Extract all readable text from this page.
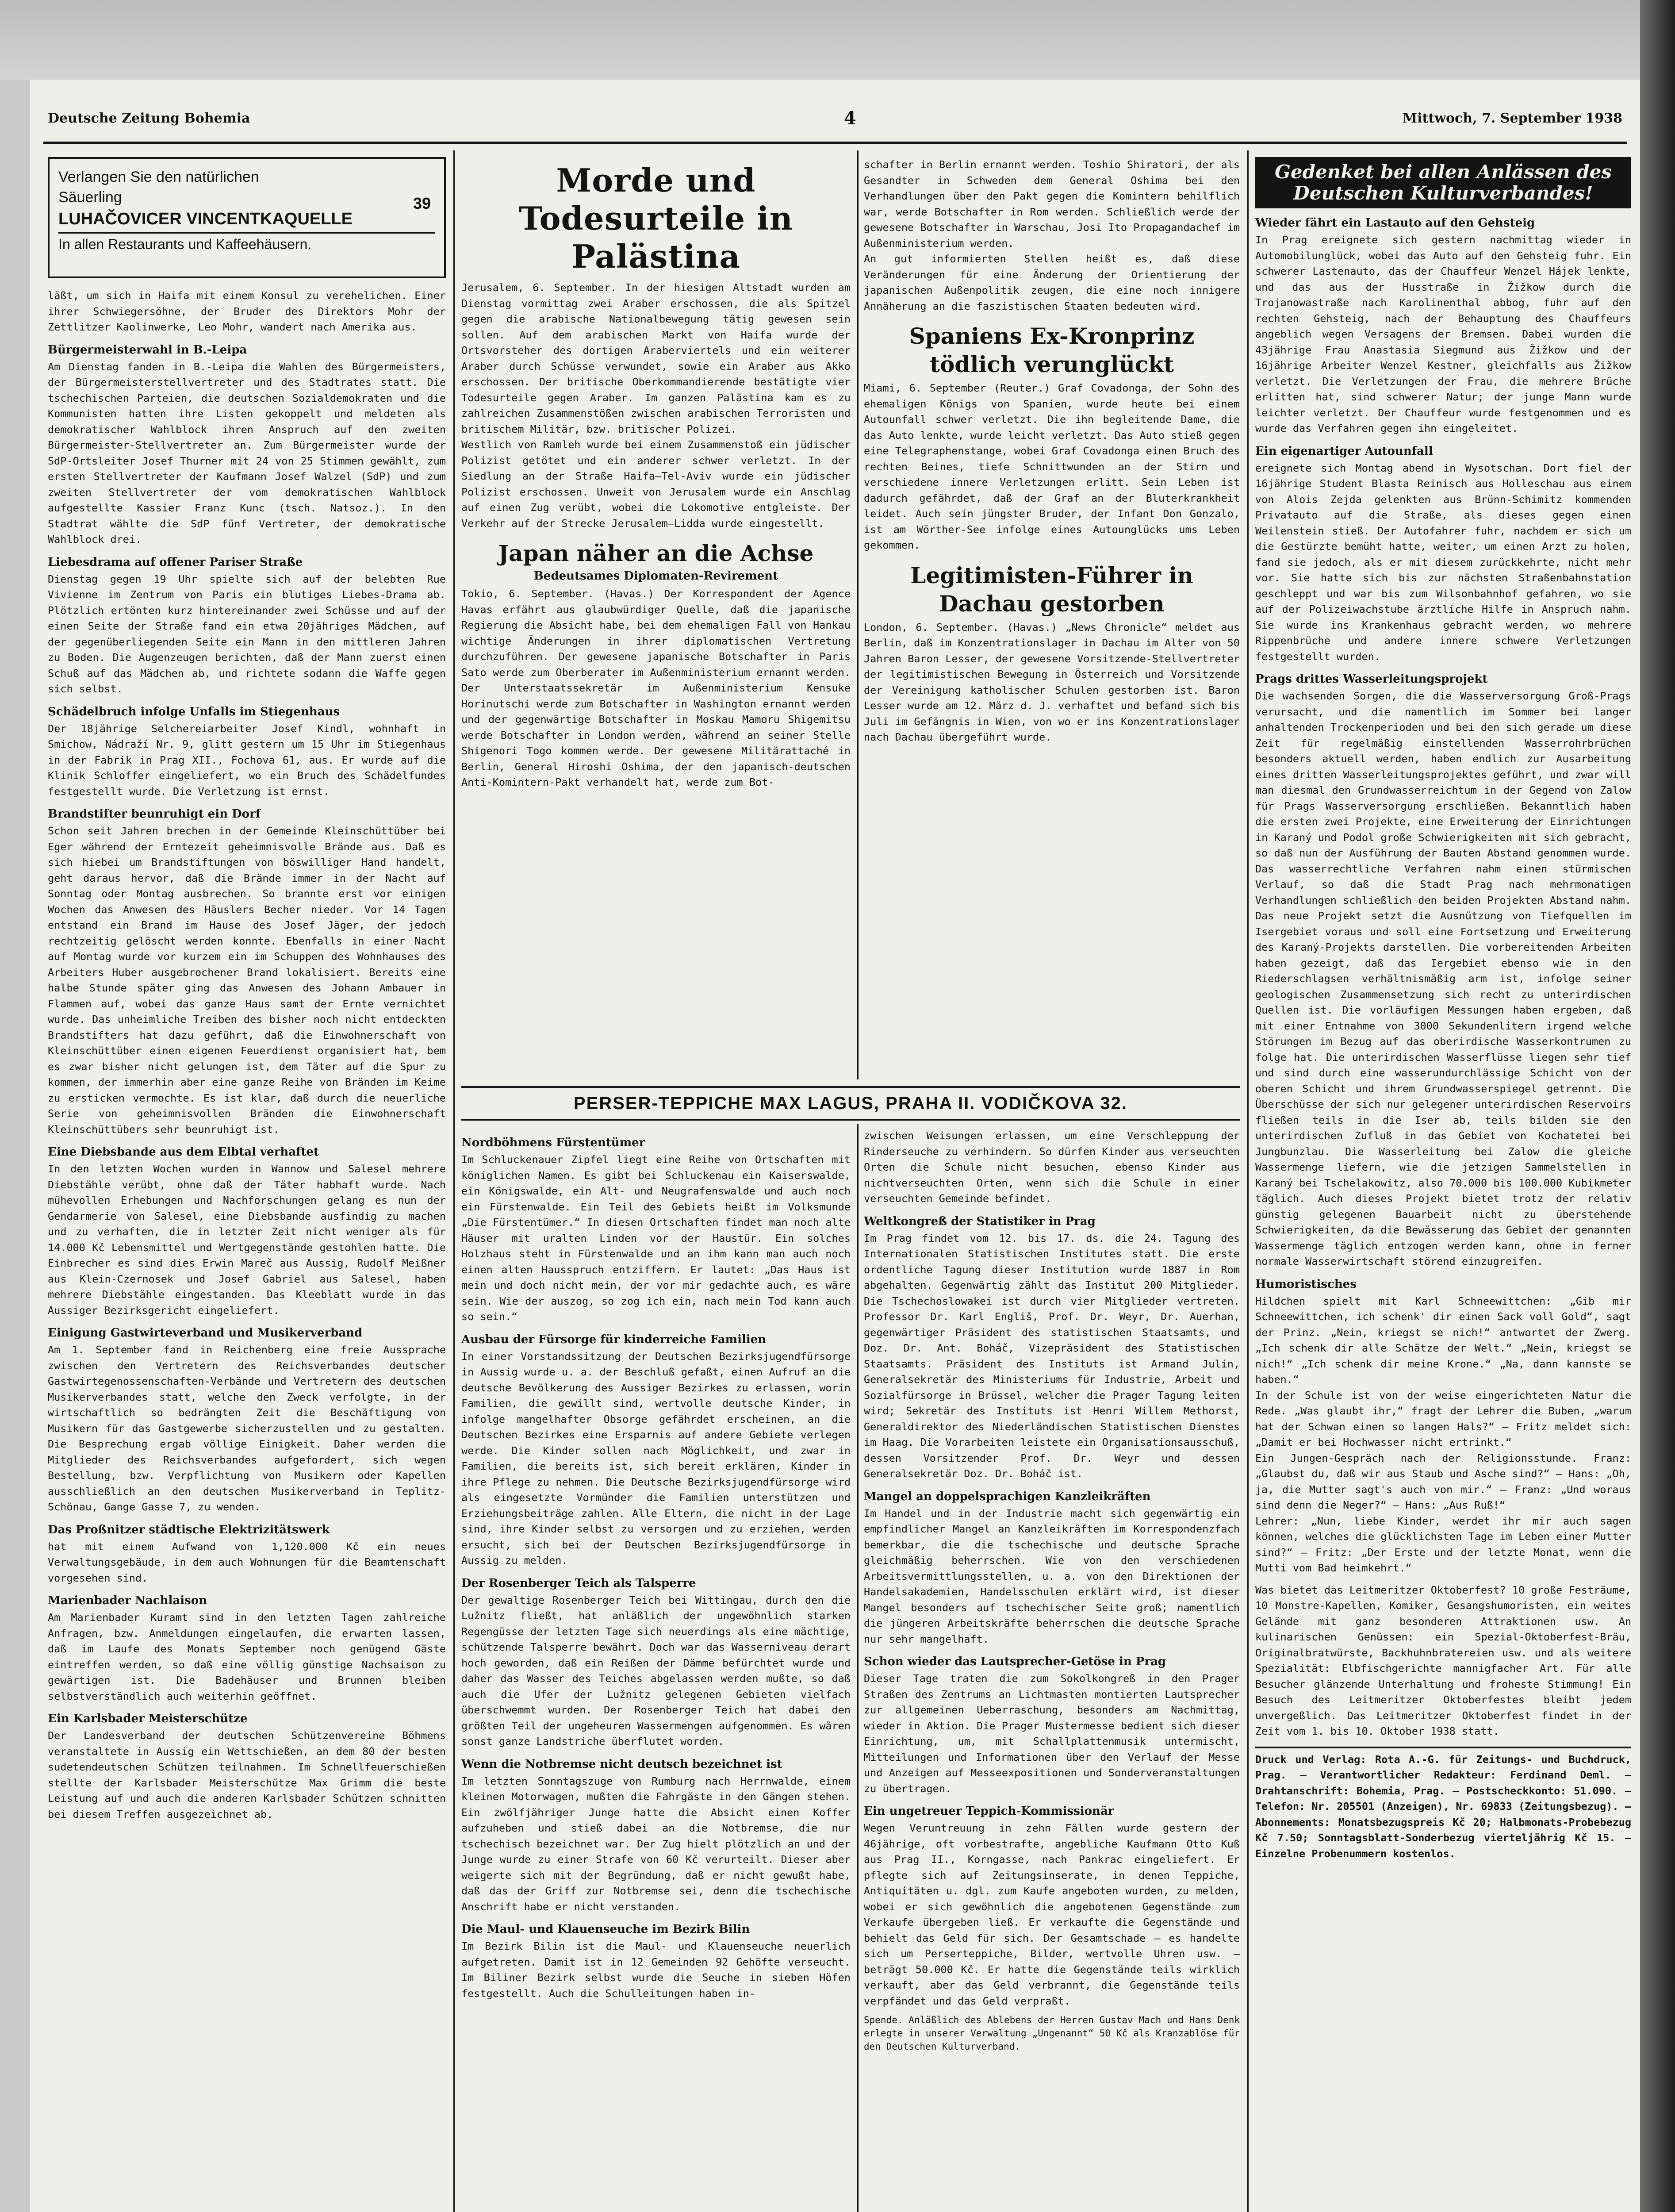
Deutsche Zeitung Bohemia	4	Mittwoch, 7. September 1938
Verlangen Sie den natürlichen
Säuerling
LUHAČOVICER VINCENTKAQUELLE
In allen Restaurants und Kaffeehäusern.
39

läßt, um sich in Haifa mit einem Konsul zu verehelichen. Einer ihrer Schwiegersöhne, der Bruder des Direktors Mohr der Zettlitzer Kaolinwerke, Leo Mohr, wandert nach Amerika aus.

Bürgermeisterwahl in B.-Leipa

Am Dienstag fanden in B.-Leipa die Wahlen des Bürgermeisters, der Bürgermeisterstellvertreter und des Stadtrates statt. Die tschechischen Parteien, die deutschen Sozialdemokraten und die Kommunisten hatten ihre Listen gekoppelt und meldeten als demokratischer Wahlblock ihren Anspruch auf den zweiten Bürgermeister-Stellvertreter an. Zum Bürgermeister wurde der SdP-Ortsleiter Josef Thurner mit 24 von 25 Stimmen gewählt, zum ersten Stellvertreter der Kaufmann Josef Walzel (SdP) und zum zweiten Stellvertreter der vom demokratischen Wahlblock aufgestellte Kassier Franz Kunc (tsch. Natsoz.). In den Stadtrat wählte die SdP fünf Vertreter, der demokratische Wahlblock drei.

Liebesdrama auf offener Pariser Straße

Dienstag gegen 19 Uhr spielte sich auf der belebten Rue Vivienne im Zentrum von Paris ein blutiges Liebes-Drama ab. Plötzlich ertönten kurz hintereinander zwei Schüsse und auf der einen Seite der Straße fand ein etwa 20jähriges Mädchen, auf der gegenüberliegenden Seite ein Mann in den mittleren Jahren zu Boden. Die Augenzeugen berichten, daß der Mann zuerst einen Schuß auf das Mädchen ab, und richtete sodann die Waffe gegen sich selbst.

Schädelbruch infolge Unfalls im Stiegenhaus

Der 18jährige Selchereiarbeiter Josef Kindl, wohnhaft in Smichow, Nádraží Nr. 9, glitt gestern um 15 Uhr im Stiegenhaus in der Fabrik in Prag XII., Fochova 61, aus. Er wurde auf die Klinik Schloffer eingeliefert, wo ein Bruch des Schädelfundes festgestellt wurde. Die Verletzung ist ernst.

Brandstifter beunruhigt ein Dorf

Schon seit Jahren brechen in der Gemeinde Kleinschüttüber bei Eger während der Erntezeit geheimnisvolle Brände aus. Daß es sich hiebei um Brandstiftungen von böswilliger Hand handelt, geht daraus hervor, daß die Brände immer in der Nacht auf Sonntag oder Montag ausbrechen. So brannte erst vor einigen Wochen das Anwesen des Häuslers Becher nieder. Vor 14 Tagen entstand ein Brand im Hause des Josef Jäger, der jedoch rechtzeitig gelöscht werden konnte. Ebenfalls in einer Nacht auf Montag wurde vor kurzem ein im Schuppen des Wohnhauses des Arbeiters Huber ausgebrochener Brand lokalisiert. Bereits eine halbe Stunde später ging das Anwesen des Johann Ambauer in Flammen auf, wobei das ganze Haus samt der Ernte vernichtet wurde. Das unheimliche Treiben des bisher noch nicht entdeckten Brandstifters hat dazu geführt, daß die Einwohnerschaft von Kleinschüttüber einen eigenen Feuerdienst organisiert hat, bem es zwar bisher nicht gelungen ist, dem Täter auf die Spur zu kommen, der immerhin aber eine ganze Reihe von Bränden im Keime zu ersticken vermochte. Es ist klar, daß durch die neuerliche Serie von geheimnisvollen Bränden die Einwohnerschaft Kleinschüttübers sehr beunruhigt ist.

Eine Diebsbande aus dem Elbtal verhaftet

In den letzten Wochen wurden in Wannow und Salesel mehrere Diebstähle verübt, ohne daß der Täter habhaft wurde. Nach mühevollen Erhebungen und Nachforschungen gelang es nun der Gendarmerie von Salesel, eine Diebsbande ausfindig zu machen und zu verhaften, die in letzter Zeit nicht weniger als für 14.000 Kč Lebensmittel und Wertgegenstände gestohlen hatte. Die Einbrecher es sind dies Erwin Mareč aus Aussig, Rudolf Meißner aus Klein-Czernosek und Josef Gabriel aus Salesel, haben mehrere Diebstähle eingestanden. Das Kleeblatt wurde in das Aussiger Bezirksgericht eingeliefert.

Einigung Gastwirteverband und Musikerverband

Am 1. September fand in Reichenberg eine freie Aussprache zwischen den Vertretern des Reichsverbandes deutscher Gastwirtegenossenschaften-Verbände und Vertretern des deutschen Musikerverbandes statt, welche den Zweck verfolgte, in der wirtschaftlich so bedrängten Zeit die Beschäftigung von Musikern für das Gastgewerbe sicherzustellen und zu gestalten. Die Besprechung ergab völlige Einigkeit. Daher werden die Mitglieder des Reichsverbandes aufgefordert, sich wegen Bestellung, bzw. Verpflichtung von Musikern oder Kapellen ausschließlich an den deutschen Musikerverband in Teplitz-Schönau, Gange Gasse 7, zu wenden.

Das Proßnitzer städtische Elektrizitätswerk

hat mit einem Aufwand von 1,120.000 Kč ein neues Verwaltungsgebäude, in dem auch Wohnungen für die Beamtenschaft vorgesehen sind.

Marienbader Nachlaison

Am Marienbader Kuramt sind in den letzten Tagen zahlreiche Anfragen, bzw. Anmeldungen eingelaufen, die erwarten lassen, daß im Laufe des Monats September noch genügend Gäste eintreffen werden, so daß eine völlig günstige Nachsaison zu gewärtigen ist. Die Badehäuser und Brunnen bleiben selbstverständlich auch weiterhin geöffnet.

Ein Karlsbader Meisterschütze

Der Landesverband der deutschen Schützenvereine Böhmens veranstaltete in Aussig ein Wettschießen, an dem 80 der besten sudetendeutschen Schützen teilnahmen. Im Schnellfeuerschießen stellte der Karlsbader Meisterschütze Max Grimm die beste Leistung auf und auch die anderen Karlsbader Schützen schnitten bei diesem Treffen ausgezeichnet ab.

Morde und Todesurteile in Palästina

Jerusalem, 6. September. In der hiesigen Altstadt wurden am Dienstag vormittag zwei Araber erschossen, die als Spitzel gegen die arabische Nationalbewegung tätig gewesen sein sollen. Auf dem arabischen Markt von Haifa wurde der Ortsvorsteher des dortigen Araberviertels und ein weiterer Araber durch Schüsse verwundet, sowie ein Araber aus Akko erschossen. Der britische Oberkommandierende bestätigte vier Todesurteile gegen Araber. Im ganzen Palästina kam es zu zahlreichen Zusammenstößen zwischen arabischen Terroristen und britischem Militär, bzw. britischer Polizei.

Westlich von Ramleh wurde bei einem Zusammenstoß ein jüdischer Polizist getötet und ein anderer schwer verletzt. In der Siedlung an der Straße Haifa—Tel-Aviv wurde ein jüdischer Polizist erschossen. Unweit von Jerusalem wurde ein Anschlag auf einen Zug verübt, wobei die Lokomotive entgleiste. Der Verkehr auf der Strecke Jerusalem—Lidda wurde eingestellt.

Japan näher an die Achse

Bedeutsames Diplomaten-Revirement

Tokio, 6. September. (Havas.) Der Korrespondent der Agence Havas erfährt aus glaubwürdiger Quelle, daß die japanische Regierung die Absicht habe, bei dem ehemaligen Fall von Hankau wichtige Änderungen in ihrer diplomatischen Vertretung durchzuführen. Der gewesene japanische Botschafter in Paris Sato werde zum Oberberater im Außenministerium ernannt werden. Der Unterstaatssekretär im Außenministerium Kensuke Horinutschi werde zum Botschafter in Washington ernannt werden und der gegenwärtige Botschafter in Moskau Mamoru Shigemitsu werde Botschafter in London werden, während an seiner Stelle Shigenori Togo kommen werde. Der gewesene Militärattaché in Berlin, General Hiroshi Oshima, der den japanisch-deutschen Anti-Komintern-Pakt verhandelt hat, werde zum Bot-

schafter in Berlin ernannt werden. Toshio Shiratori, der als Gesandter in Schweden dem General Oshima bei den Verhandlungen über den Pakt gegen die Komintern behilflich war, werde Botschafter in Rom werden. Schließlich werde der gewesene Botschafter in Warschau, Josi Ito Propagandachef im Außenministerium werden.

An gut informierten Stellen heißt es, daß diese Veränderungen für eine Änderung der Orientierung der japanischen Außenpolitik zeugen, die eine noch innigere Annäherung an die faszistischen Staaten bedeuten wird.

Spaniens Ex-Kronprinz tödlich verunglückt

Miami, 6. September (Reuter.) Graf Covadonga, der Sohn des ehemaligen Königs von Spanien, wurde heute bei einem Autounfall schwer verletzt. Die ihn begleitende Dame, die das Auto lenkte, wurde leicht verletzt. Das Auto stieß gegen eine Telegraphenstange, wobei Graf Covadonga einen Bruch des rechten Beines, tiefe Schnittwunden an der Stirn und verschiedene innere Verletzungen erlitt. Sein Leben ist dadurch gefährdet, daß der Graf an der Bluterkrankheit leidet. Auch sein jüngster Bruder, der Infant Don Gonzalo, ist am Wörther-See infolge eines Autounglücks ums Leben gekommen.

Legitimisten-Führer in Dachau gestorben

London, 6. September. (Havas.) „News Chronicle“ meldet aus Berlin, daß im Konzentrationslager in Dachau im Alter von 50 Jahren Baron Lesser, der gewesene Vorsitzende-Stellvertreter der legitimistischen Bewegung in Österreich und Vorsitzende der Vereinigung katholischer Schulen gestorben ist. Baron Lesser wurde am 12. März d. J. verhaftet und befand sich bis Juli im Gefängnis in Wien, von wo er ins Konzentrationslager nach Dachau übergeführt wurde.

PERSER-TEPPICHE MAX LAGUS, PRAHA II. VODIČKOVA 32.

Nordböhmens Fürstentümer

Im Schluckenauer Zipfel liegt eine Reihe von Ortschaften mit königlichen Namen. Es gibt bei Schluckenau ein Kaiserswalde, ein Königswalde, ein Alt- und Neugrafenswalde und auch noch ein Fürstenwalde. Ein Teil des Gebiets heißt im Volksmunde „Die Fürstentümer.“ In diesen Ortschaften findet man noch alte Häuser mit uralten Linden vor der Haustür. Ein solches Holzhaus steht in Fürstenwalde und an ihm kann man auch noch einen alten Hausspruch entziffern. Er lautet: „Das Haus ist mein und doch nicht mein, der vor mir gedachte auch, es wäre sein. Wie der auszog, so zog ich ein, nach mein Tod kann auch so sein.“

Ausbau der Fürsorge für kinderreiche Familien

In einer Vorstandssitzung der Deutschen Bezirksjugendfürsorge in Aussig wurde u. a. der Beschluß gefaßt, einen Aufruf an die deutsche Bevölkerung des Aussiger Bezirkes zu erlassen, worin Familien, die gewillt sind, wertvolle deutsche Kinder, in infolge mangelhafter Obsorge gefährdet erscheinen, an die Deutschen Bezirkes eine Ersparnis auf andere Gebiete verlegen werde. Die Kinder sollen nach Möglichkeit, und zwar in Familien, die bereits ist, sich bereit erklären, Kinder in ihre Pflege zu nehmen. Die Deutsche Bezirksjugendfürsorge wird als eingesetzte Vormünder die Familien unterstützen und Erziehungsbeiträge zahlen. Alle Eltern, die nicht in der Lage sind, ihre Kinder selbst zu versorgen und zu erziehen, werden ersucht, sich bei der Deutschen Bezirksjugendfürsorge in Aussig zu melden.

Der Rosenberger Teich als Talsperre

Der gewaltige Rosenberger Teich bei Wittingau, durch den die Lužnitz fließt, hat anläßlich der ungewöhnlich starken Regengüsse der letzten Tage sich neuerdings als eine mächtige, schützende Talsperre bewährt. Doch war das Wasserniveau derart hoch geworden, daß ein Reißen der Dämme befürchtet wurde und daher das Wasser des Teiches abgelassen werden mußte, so daß auch die Ufer der Lužnitz gelegenen Gebieten vielfach überschwemmt wurden. Der Rosenberger Teich hat dabei den größten Teil der ungeheuren Wassermengen aufgenommen. Es wären sonst ganze Landstriche überflutet worden.

Wenn die Notbremse nicht deutsch bezeichnet ist

Im letzten Sonntagszuge von Rumburg nach Herrnwalde, einem kleinen Motorwagen, mußten die Fahrgäste in den Gängen stehen. Ein zwölfjähriger Junge hatte die Absicht einen Koffer aufzuheben und stieß dabei an die Notbremse, die nur tschechisch bezeichnet war. Der Zug hielt plötzlich an und der Junge wurde zu einer Strafe von 60 Kč verurteilt. Dieser aber weigerte sich mit der Begründung, daß er nicht gewußt habe, daß das der Griff zur Notbremse sei, denn die tschechische Anschrift habe er nicht verstanden.

Die Maul- und Klauenseuche im Bezirk Bilin

Im Bezirk Bilin ist die Maul- und Klauenseuche neuerlich aufgetreten. Damit ist in 12 Gemeinden 92 Gehöfte verseucht. Im Biliner Bezirk selbst wurde die Seuche in sieben Höfen festgestellt. Auch die Schulleitungen haben in-

zwischen Weisungen erlassen, um eine Verschleppung der Rinderseuche zu verhindern. So dürfen Kinder aus verseuchten Orten die Schule nicht besuchen, ebenso Kinder aus nichtverseuchten Orten, wenn sich die Schule in einer verseuchten Gemeinde befindet.

Weltkongreß der Statistiker in Prag

Im Prag findet vom 12. bis 17. ds. die 24. Tagung des Internationalen Statistischen Institutes statt. Die erste ordentliche Tagung dieser Institution wurde 1887 in Rom abgehalten. Gegenwärtig zählt das Institut 200 Mitglieder. Die Tschechoslowakei ist durch vier Mitglieder vertreten. Professor Dr. Karl Engliš, Prof. Dr. Weyr, Dr. Auerhan, gegenwärtiger Präsident des statistischen Staatsamts, und Doz. Dr. Ant. Boháč, Vizepräsident des Statistischen Staatsamts. Präsident des Instituts ist Armand Julin, Generalsekretär des Ministeriums für Industrie, Arbeit und Sozialfürsorge in Brüssel, welcher die Prager Tagung leiten wird; Sekretär des Instituts ist Henri Willem Methorst, Generaldirektor des Niederländischen Statistischen Dienstes im Haag. Die Vorarbeiten leistete ein Organisationsausschuß, dessen Vorsitzender Prof. Dr. Weyr und dessen Generalsekretär Doz. Dr. Boháč ist.

Mangel an doppelsprachigen Kanzleikräften

Im Handel und in der Industrie macht sich gegenwärtig ein empfindlicher Mangel an Kanzleikräften im Korrespondenzfach bemerkbar, die die tschechische und deutsche Sprache gleichmäßig beherrschen. Wie von den verschiedenen Arbeitsvermittlungsstellen, u. a. von den Direktionen der Handelsakademien, Handelsschulen erklärt wird, ist dieser Mangel besonders auf tschechischer Seite groß; namentlich die jüngeren Arbeitskräfte beherrschen die deutsche Sprache nur sehr mangelhaft.

Schon wieder das Lautsprecher-Getöse in Prag

Dieser Tage traten die zum Sokolkongreß in den Prager Straßen des Zentrums an Lichtmasten montierten Lautsprecher zur allgemeinen Ueberraschung, besonders am Nachmittag, wieder in Aktion. Die Prager Mustermesse bedient sich dieser Einrichtung, um, mit Schallplattenmusik untermischt, Mitteilungen und Informationen über den Verlauf der Messe und Anzeigen auf Messeexpositionen und Sonderveranstaltungen zu übertragen.

Ein ungetreuer Teppich-Kommissionär

Wegen Veruntreuung in zehn Fällen wurde gestern der 46jährige, oft vorbestrafte, angebliche Kaufmann Otto Kuß aus Prag II., Korngasse, nach Pankrac eingeliefert. Er pflegte sich auf Zeitungsinserate, in denen Teppiche, Antiquitäten u. dgl. zum Kaufe angeboten wurden, zu melden, wobei er sich gewöhnlich die angebotenen Gegenstände zum Verkaufe übergeben ließ. Er verkaufte die Gegenstände und behielt das Geld für sich. Der Gesamtschade — es handelte sich um Perserteppiche, Bilder, wertvolle Uhren usw. — beträgt 50.000 Kč. Er hatte die Gegenstände teils wirklich verkauft, aber das Geld verbrannt, die Gegenstände teils verpfändet und das Geld verpraßt.

Spende. Anläßlich des Ablebens der Herren Gustav Mach und Hans Denk erlegte in unserer Verwaltung „Ungenannt“ 50 Kč als Kranzablöse für den Deutschen Kulturverband.

Gedenket bei allen Anlässen des Deutschen Kulturverbandes!

Wieder fährt ein Lastauto auf den Gehsteig

In Prag ereignete sich gestern nachmittag wieder in Automobilunglück, wobei das Auto auf den Gehsteig fuhr. Ein schwerer Lastenauto, das der Chauffeur Wenzel Hájek lenkte, und das aus der Husstraße in Žižkow durch die Trojanowastraße nach Karolinenthal abbog, fuhr auf den rechten Gehsteig, nach der Behauptung des Chauffeurs angeblich wegen Versagens der Bremsen. Dabei wurden die 43jährige Frau Anastasia Siegmund aus Žižkow und der 16jährige Arbeiter Wenzel Kestner, gleichfalls aus Žižkow verletzt. Die Verletzungen der Frau, die mehrere Brüche erlitten hat, sind schwerer Natur; der junge Mann wurde leichter verletzt. Der Chauffeur wurde festgenommen und es wurde das Verfahren gegen ihn eingeleitet.

Ein eigenartiger Autounfall

ereignete sich Montag abend in Wysotschan. Dort fiel der 16jährige Student Blasta Reinisch aus Holleschau aus einem von Alois Zejda gelenkten aus Brünn-Schimitz kommenden Privatauto auf die Straße, als dieses gegen einen Weilenstein stieß. Der Autofahrer fuhr, nachdem er sich um die Gestürzte bemüht hatte, weiter, um einen Arzt zu holen, fand sie jedoch, als er mit diesem zurückkehrte, nicht mehr vor. Sie hatte sich bis zur nächsten Straßenbahnstation geschleppt und war bis zum Wilsonbahnhof gefahren, wo sie auf der Polizeiwachstube ärztliche Hilfe in Anspruch nahm. Sie wurde ins Krankenhaus gebracht werden, wo mehrere Rippenbrüche und andere innere schwere Verletzungen festgestellt wurden.

Prags drittes Wasserleitungsprojekt

Die wachsenden Sorgen, die die Wasserversorgung Groß-Prags verursacht, und die namentlich im Sommer bei langer anhaltenden Trockenperioden und bei den sich gerade um diese Zeit für regelmäßig einstellenden Wasserrohrbrüchen besonders aktuell werden, haben endlich zur Ausarbeitung eines dritten Wasserleitungsprojektes geführt, und zwar will man diesmal den Grundwasserreichtum in der Gegend von Zalow für Prags Wasserversorgung erschließen. Bekanntlich haben die ersten zwei Projekte, eine Erweiterung der Einrichtungen in Karaný und Podol große Schwierigkeiten mit sich gebracht, so daß nun der Ausführung der Bauten Abstand genommen wurde. Das wasserrechtliche Verfahren nahm einen stürmischen Verlauf, so daß die Stadt Prag nach mehrmonatigen Verhandlungen schließlich den beiden Projekten Abstand nahm. Das neue Projekt setzt die Ausnützung von Tiefquellen im Isergebiet voraus und soll eine Fortsetzung und Erweiterung des Karaný-Projekts darstellen. Die vorbereitenden Arbeiten haben gezeigt, daß das Iergebiet ebenso wie in den Riederschlagsen verhältnismäßig arm ist, infolge seiner geologischen Zusammensetzung sich recht zu unterirdischen Quellen ist. Die vorläufigen Messungen haben ergeben, daß mit einer Entnahme von 3000 Sekundenlitern irgend welche Störungen im Bezug auf das oberirdische Wasserkontrumen zu folge hat. Die unterirdischen Wasserflüsse liegen sehr tief und sind durch eine wasserundurchlässige Schicht von der oberen Schicht und ihrem Grundwasserspiegel getrennt. Die Überschüsse der sich nur gelegener unterirdischen Reservoirs fließen teils in die Iser ab, teils bilden sie den unterirdischen Zufluß in das Gebiet von Kochatetei bei Jungbunzlau. Die Wasserleitung bei Zalow die gleiche Wassermenge liefern, wie die jetzigen Sammelstellen in Karaný bei Tschelakowitz, also 70.000 bis 100.000 Kubikmeter täglich. Auch dieses Projekt bietet trotz der relativ günstig gelegenen Bauarbeit nicht zu überstehende Schwierigkeiten, da die Bewässerung das Gebiet der genannten Wassermenge täglich entzogen werden kann, ohne in ferner normale Wasserwirtschaft störend einzugreifen.

Humoristisches

Hildchen spielt mit Karl Schneewittchen: „Gib mir Schneewittchen, ich schenk' dir einen Sack voll Gold“, sagt der Prinz. „Nein, kriegst se nich!“ antwortet der Zwerg. „Ich schenk dir alle Schätze der Welt.“ „Nein, kriegst se nich!“ „Ich schenk dir meine Krone.“ „Na, dann kannste se haben.“

In der Schule ist von der weise eingerichteten Natur die Rede. „Was glaubt ihr,“ fragt der Lehrer die Buben, „warum hat der Schwan einen so langen Hals?“ — Fritz meldet sich: „Damit er bei Hochwasser nicht ertrinkt.“

Ein Jungen-Gespräch nach der Religionsstunde. Franz: „Glaubst du, daß wir aus Staub und Asche sind?“ — Hans: „Oh, ja, die Mutter sagt's auch von mir.“ — Franz: „Und woraus sind denn die Neger?“ — Hans: „Aus Ruß!“

Lehrer: „Nun, liebe Kinder, werdet ihr mir auch sagen können, welches die glücklichsten Tage im Leben einer Mutter sind?“ — Fritz: „Der Erste und der letzte Monat, wenn die Mutti vom Bad heimkehrt.“

Was bietet das Leitmeritzer Oktoberfest? 10 große Festräume, 10 Monstre-Kapellen, Komiker, Gesangshumoristen, ein weites Gelände mit ganz besonderen Attraktionen usw. An kulinarischen Genüssen: ein Spezial-Oktoberfest-Bräu, Originalbratwürste, Backhuhnbratereien usw. und als weitere Spezialität: Elbfischgerichte mannigfacher Art. Für alle Besucher glänzende Unterhaltung und froheste Stimmung! Ein Besuch des Leitmeritzer Oktoberfestes bleibt jedem unvergeßlich. Das Leitmeritzer Oktoberfest findet in der Zeit vom 1. bis 10. Oktober 1938 statt.

Druck und Verlag: Rota A.-G. für Zeitungs- und Buchdruck, Prag. — Verantwortlicher Redakteur: Ferdinand Deml. — Drahtanschrift: Bohemia, Prag. — Postscheckkonto: 51.090. — Telefon: Nr. 205501 (Anzeigen), Nr. 69833 (Zeitungsbezug). — Abonnements: Monatsbezugspreis Kč 20; Halbmonats-Probebezug Kč 7.50; Sonntagsblatt-Sonderbezug vierteljährig Kč 15. — Einzelne Probenummern kostenlos.
